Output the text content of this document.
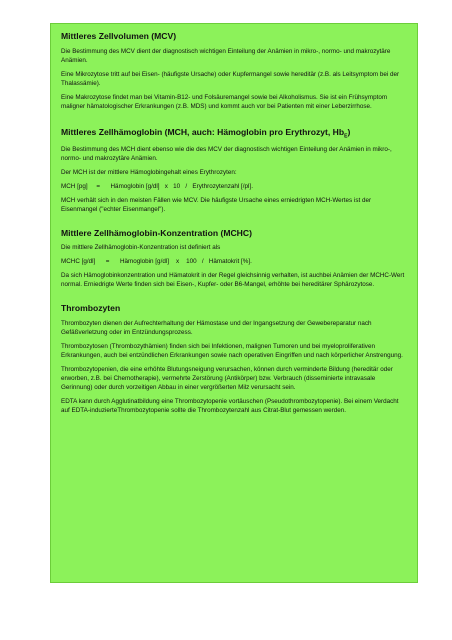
Mittleres Zellvolumen (MCV)

Die Bestimmung des MCV dient der diagnostisch wichtigen Einteilung der Anämien in mikro-, normo- und makrozytäre Anämien.

Eine Mikrozytose tritt auf bei Eisen- (häufigste Ursache) oder Kupfermangel sowie hereditär (z.B. als Leitsymptom bei der Thalassämie).

Eine Makrozytose findet man bei Vitamin-B12- und Folsäuremangel sowie bei Alkoholismus. Sie ist ein Frühsymptom maligner hämatologischer Erkrankungen (z.B. MDS) und kommt auch vor bei Patienten mit einer Leberzirrhose.

Mittleres Zellhämoglobin (MCH, auch: Hämoglobin pro Erythrozyt, $Hb_E$)

Die Bestimmung des MCH dient ebenso wie die des MCV der diagnostisch wichtigen Einteilung der Anämien in mikro-, normo- und makrozytäre Anämien.

Der MCH ist der mittlere Hämoglobingehalt eines Erythrozyten:

MCH [pg]     =      Hämoglobin [g/dl]   x   10   /   Erythrozytenzahl [/pl].

MCH verhält sich in den meisten Fällen wie MCV. Die häufigste Ursache eines erniedrigten MCH-Wertes ist der Eisenmangel ("echter Eisenmangel").

Mittlere Zellhämoglobin-Konzentration (MCHC)

Die mittlere Zellhämoglobin-Konzentration ist definiert als

MCHC [g/dl]      =      Hämoglobin [g/dl]    x    100   /   Hämatokrit [%].

Da sich Hämoglobinkonzentration und Hämatokrit in der Regel gleichsinnig verhalten, ist auchbei Anämien der MCHC-Wert normal. Erniedrigte Werte finden sich bei Eisen-, Kupfer- oder B6-Mangel, erhöhte bei hereditärer Sphärozytose.

Thrombozyten

Thrombozyten dienen der Aufrechterhaltung der Hämostase und der Ingangsetzung der Gewebereparatur nach Gefäßverletzung oder im Entzündungsprozess.

Thrombozytosen (Thrombozythämien) finden sich bei Infektionen, malignen Tumoren und bei myeloproliferativen Erkrankungen, auch bei entzündlichen Erkrankungen sowie nach operativen Eingriffen und nach körperlicher Anstrengung.

Thrombozytopenien, die eine erhöhte Blutungsneigung verursachen, können durch verminderte Bildung (hereditär oder erworben, z.B. bei Chemotherapie), vermehrte Zerstörung (Antikörper) bzw. Verbrauch (disseminierte intravasale Gerinnung) oder durch vorzeitigen Abbau in einer vergrößerten Milz verursacht sein.

EDTA kann durch Agglutinatbildung eine Thrombozytopenie vortäuschen (Pseudothrombozytopenie). Bei einem Verdacht auf EDTA-induzierteThrombozytopenie sollte die Thrombozytenzahl aus Citrat-Blut gemessen werden.
